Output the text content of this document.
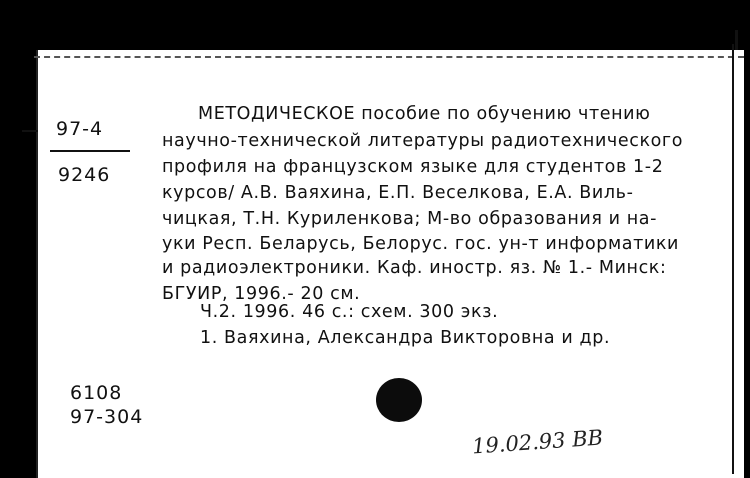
97-4
9246
МЕТОДИЧЕСКОЕ пособие по обучению чтению
научно-технической литературы радиотехнического
профиля на французском языке для студентов 1-2
курсов/ А.В. Ваяхина, Е.П. Веселкова, Е.А. Виль-
чицкая, Т.Н. Куриленкова; М-во образования и на-
уки Респ. Беларусь, Белорус. гос. ун-т информатики
и радиоэлектроники. Каф. иностр. яз. № 1.- Минск:
БГУИР, 1996.- 20 см.
Ч.2. 1996. 46 с.: схем. 300 экз.
1. Ваяхина, Александра Викторовна и др.
6108
97-304
19.02.93 ВВ
